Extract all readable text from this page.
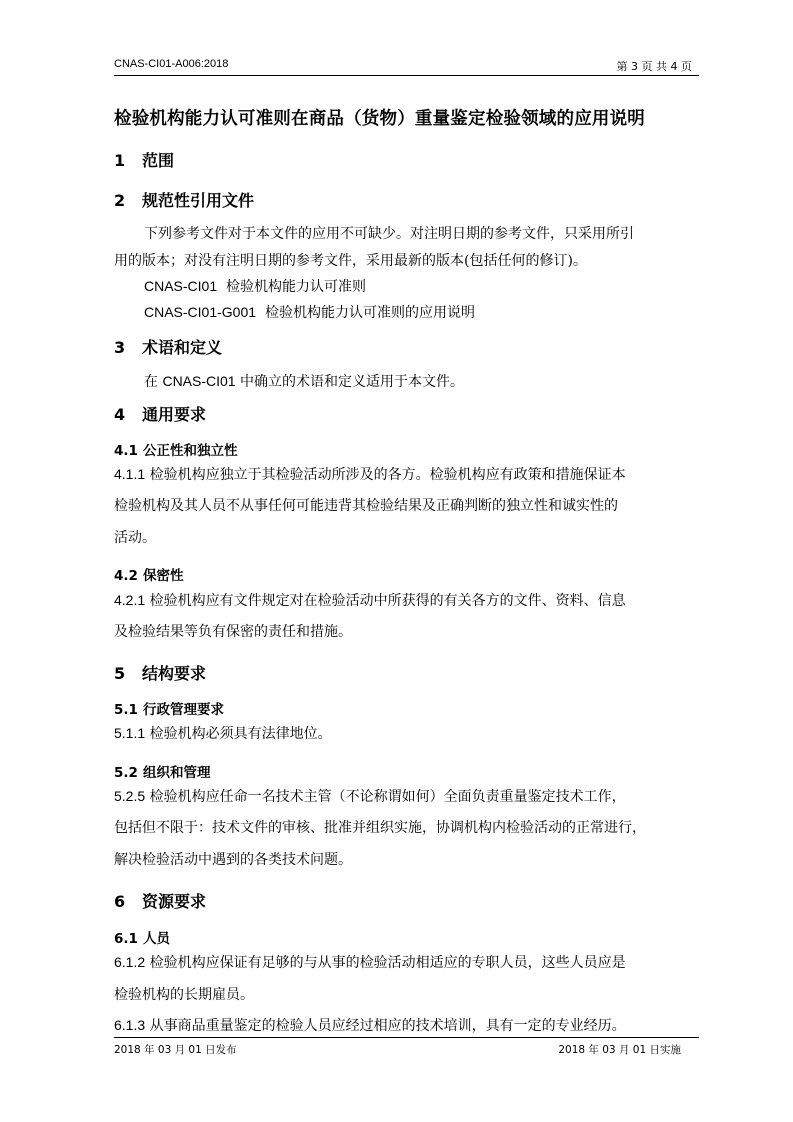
CNAS-CI01-A006:2018	第 3 页 共 4 页
检验机构能力认可准则在商品（货物）重量鉴定检验领域的应用说明
1 范围
2 规范性引用文件
下列参考文件对于本文件的应用不可缺少。对注明日期的参考文件，只采用所引
用的版本；对没有注明日期的参考文件，采用最新的版本(包括任何的修订)。
CNAS-CI01 检验机构能力认可准则
CNAS-CI01-G001 检验机构能力认可准则的应用说明
3 术语和定义
在 CNAS-CI01 中确立的术语和定义适用于本文件。
4 通用要求
4.1 公正性和独立性
4.1.1 检验机构应独立于其检验活动所涉及的各方。检验机构应有政策和措施保证本
检验机构及其人员不从事任何可能违背其检验结果及正确判断的独立性和诚实性的
活动。
4.2 保密性
4.2.1 检验机构应有文件规定对在检验活动中所获得的有关各方的文件、资料、信息
及检验结果等负有保密的责任和措施。
5 结构要求
5.1 行政管理要求
5.1.1 检验机构必须具有法律地位。
5.2 组织和管理
5.2.5 检验机构应任命一名技术主管（不论称谓如何）全面负责重量鉴定技术工作，
包括但不限于：技术文件的审核、批准并组织实施，协调机构内检验活动的正常进行，
解决检验活动中遇到的各类技术问题。
6 资源要求
6.1 人员
6.1.2 检验机构应保证有足够的与从事的检验活动相适应的专职人员，这些人员应是
检验机构的长期雇员。
6.1.3 从事商品重量鉴定的检验人员应经过相应的技术培训，具有一定的专业经历。
2018 年 03 月 01 日发布	2018 年 03 月 01 日实施
